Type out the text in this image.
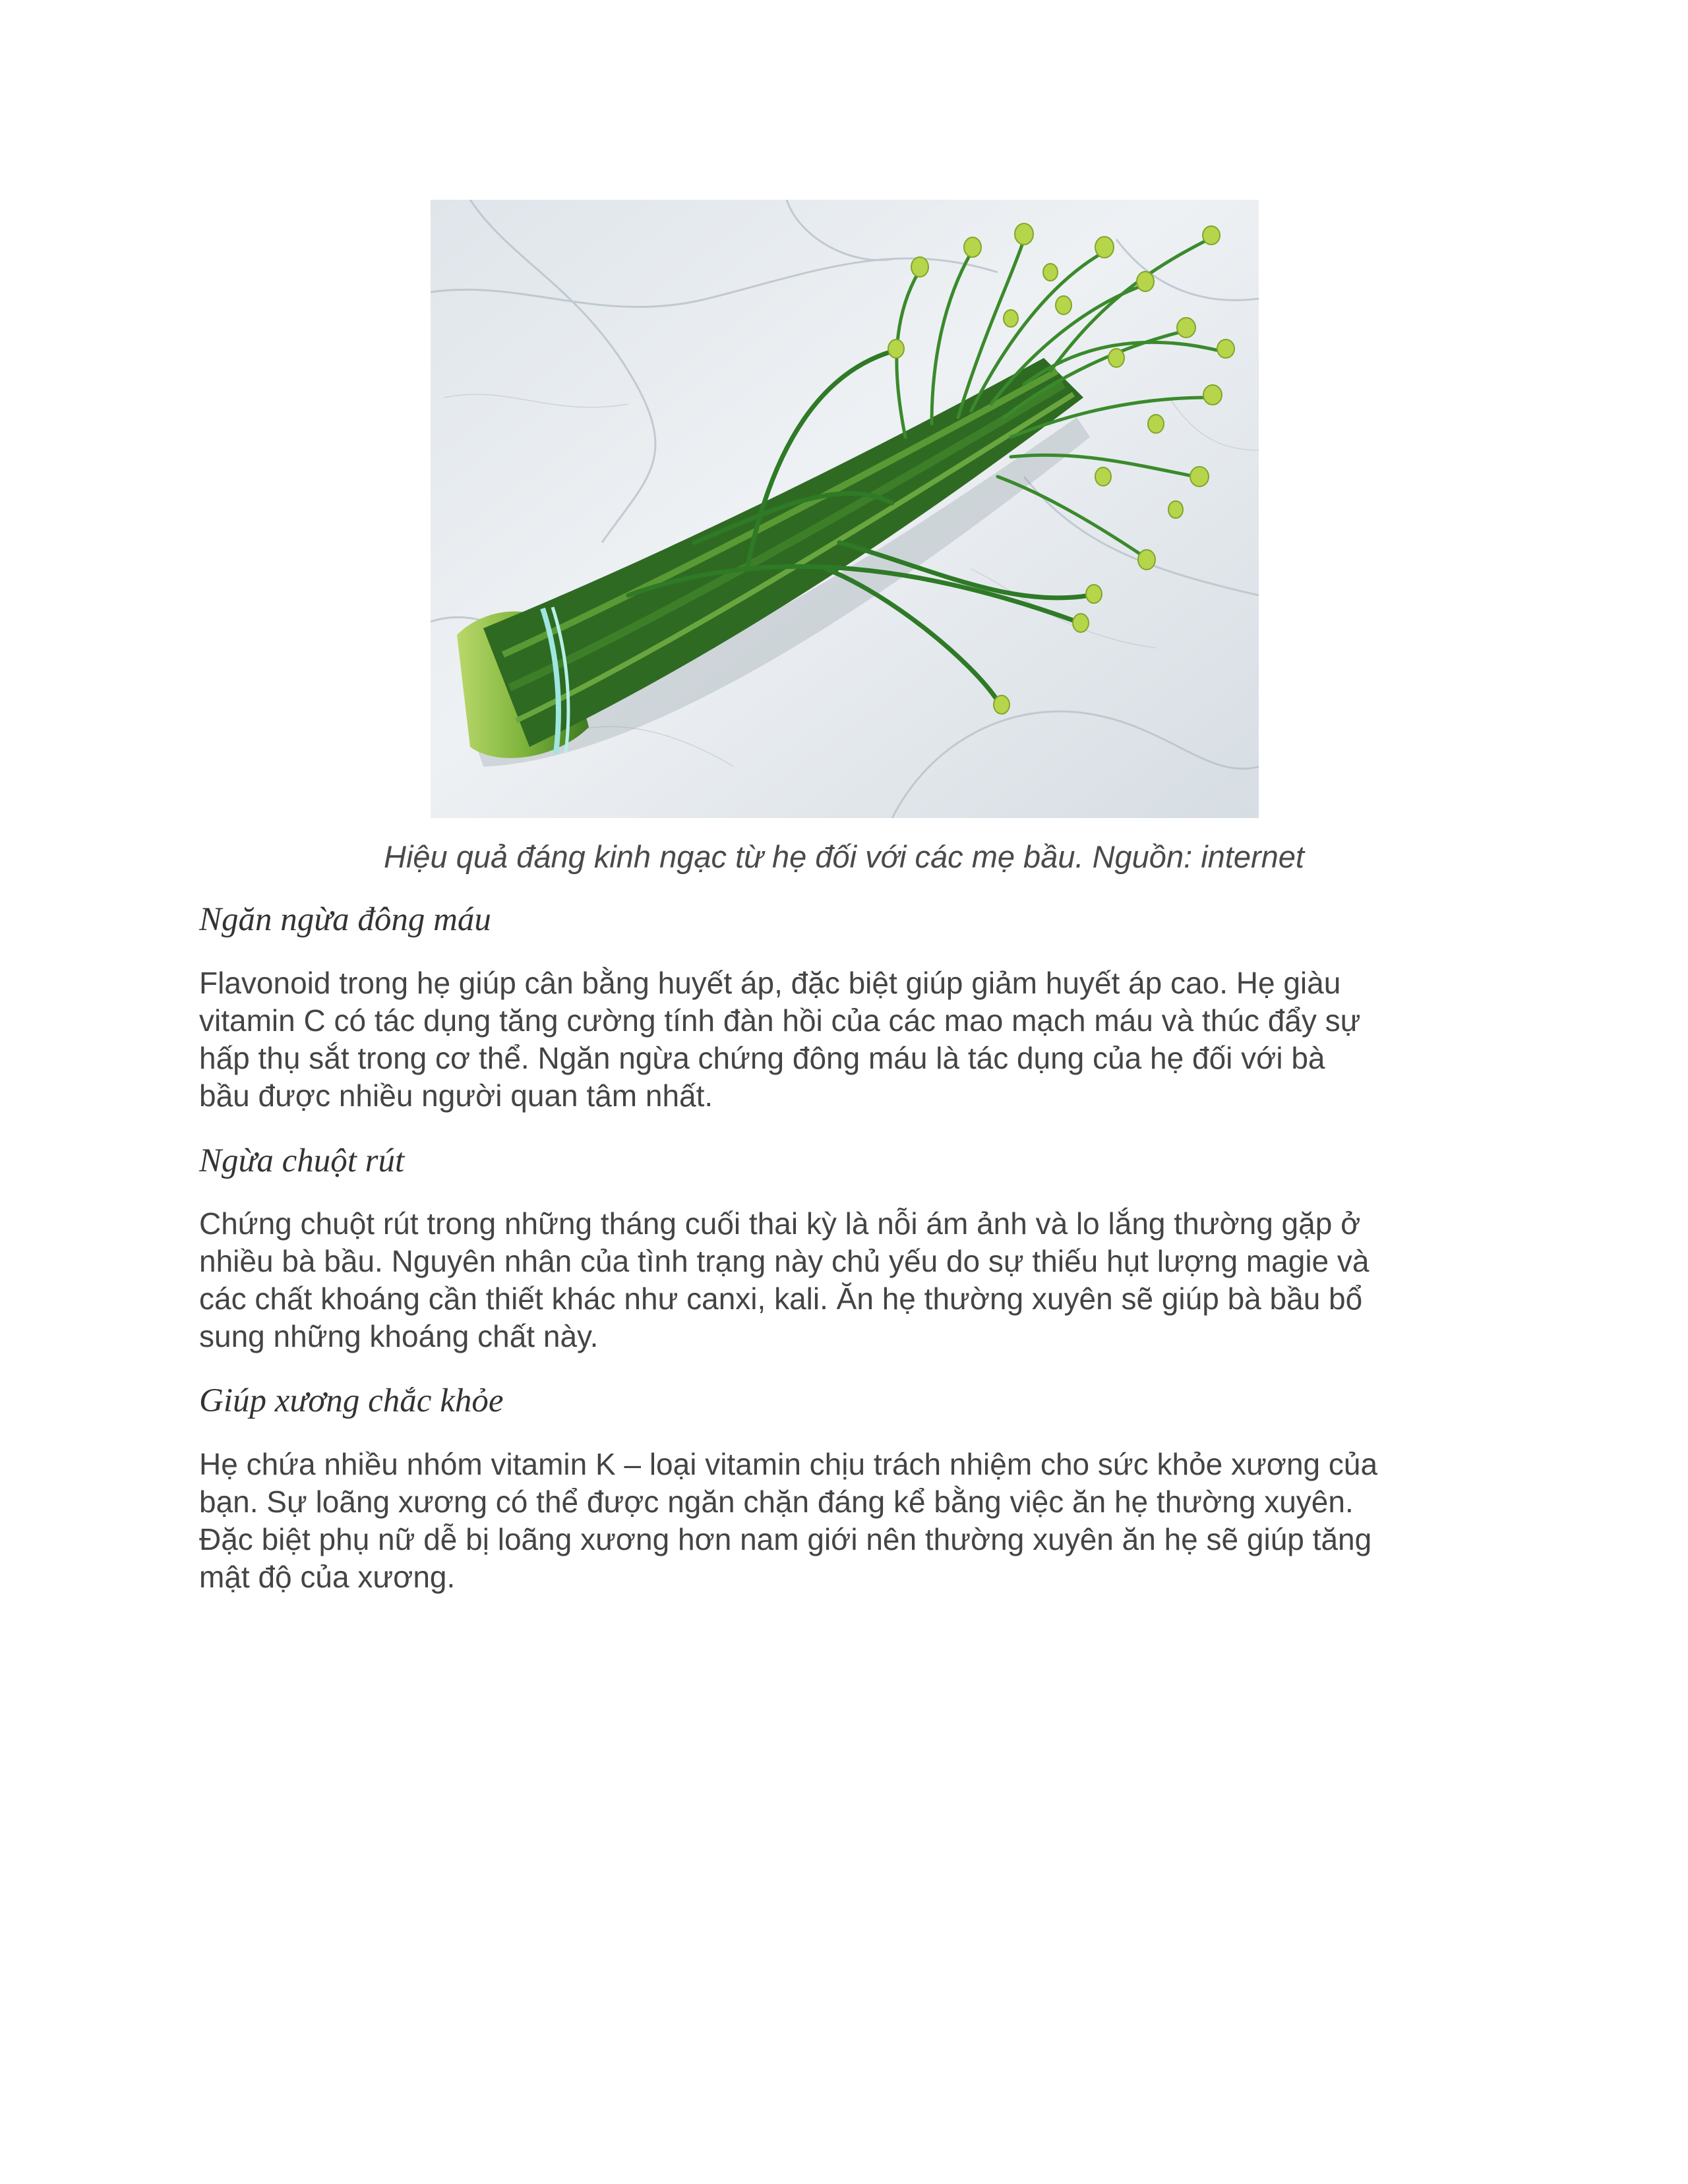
Hiệu quả đáng kinh ngạc từ hẹ đối với các mẹ bầu. Nguồn: internet
Ngăn ngừa đông máu
Flavonoid trong hẹ giúp cân bằng huyết áp, đặc biệt giúp giảm huyết áp cao. Hẹ giàu
vitamin C có tác dụng tăng cường tính đàn hồi của các mao mạch máu và thúc đẩy sự
hấp thụ sắt trong cơ thể. Ngăn ngừa chứng đông máu là tác dụng của hẹ đối với bà
bầu được nhiều người quan tâm nhất.
Ngừa chuột rút
Chứng chuột rút trong những tháng cuối thai kỳ là nỗi ám ảnh và lo lắng thường gặp ở
nhiều bà bầu. Nguyên nhân của tình trạng này chủ yếu do sự thiếu hụt lượng magie và
các chất khoáng cần thiết khác như canxi, kali. Ăn hẹ thường xuyên sẽ giúp bà bầu bổ
sung những khoáng chất này.
Giúp xương chắc khỏe
Hẹ chứa nhiều nhóm vitamin K – loại vitamin chịu trách nhiệm cho sức khỏe xương của
bạn. Sự loãng xương có thể được ngăn chặn đáng kể bằng việc ăn hẹ thường xuyên.
Đặc biệt phụ nữ dễ bị loãng xương hơn nam giới nên thường xuyên ăn hẹ sẽ giúp tăng
mật độ của xương.
